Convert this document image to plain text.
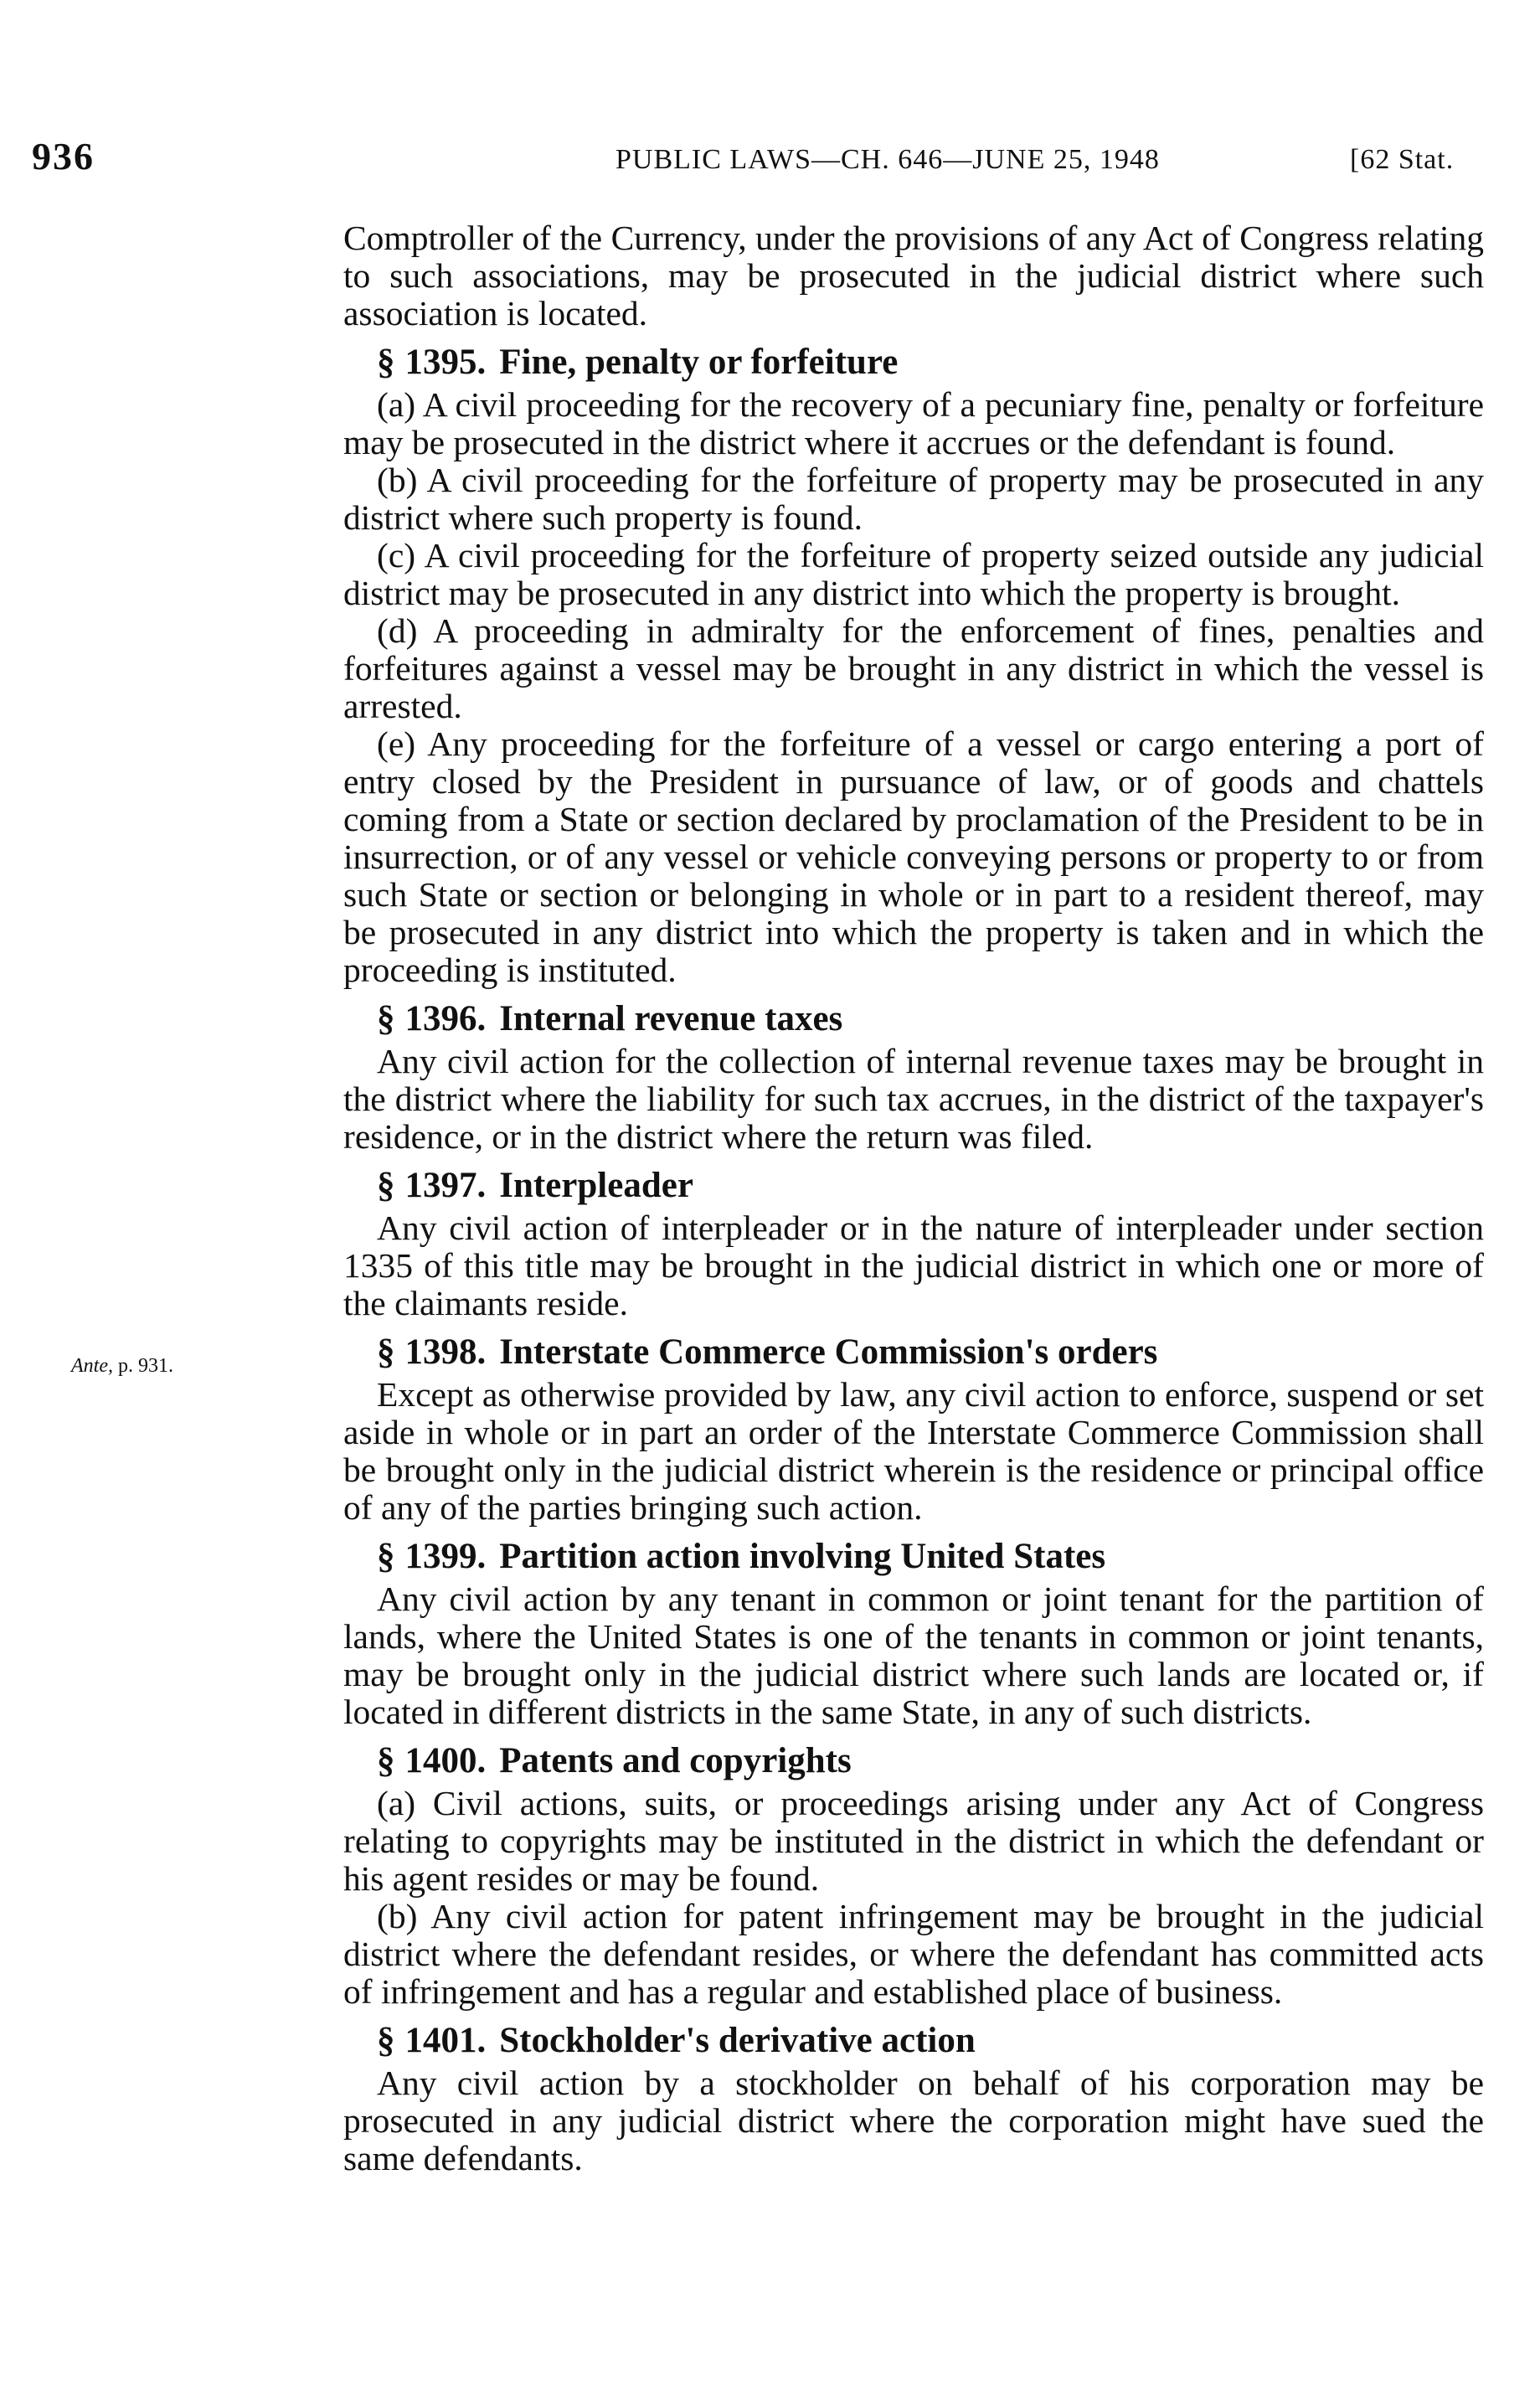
936	PUBLIC LAWS—CH. 646—JUNE 25, 1948	[62 Stat.
Ante, p. 931.

Comptroller of the Currency, under the provisions of any Act of Congress relating to such associations, may be prosecuted in the judicial district where such association is located.

§ 1395. Fine, penalty or forfeiture

(a) A civil proceeding for the recovery of a pecuniary fine, penalty or forfeiture may be prosecuted in the district where it accrues or the defendant is found.

(b) A civil proceeding for the forfeiture of property may be prosecuted in any district where such property is found.

(c) A civil proceeding for the forfeiture of property seized outside any judicial district may be prosecuted in any district into which the property is brought.

(d) A proceeding in admiralty for the enforcement of fines, penalties and forfeitures against a vessel may be brought in any district in which the vessel is arrested.

(e) Any proceeding for the forfeiture of a vessel or cargo entering a port of entry closed by the President in pursuance of law, or of goods and chattels coming from a State or section declared by proclamation of the President to be in insurrection, or of any vessel or vehicle conveying persons or property to or from such State or section or belonging in whole or in part to a resident thereof, may be prosecuted in any district into which the property is taken and in which the proceeding is instituted.

§ 1396. Internal revenue taxes

Any civil action for the collection of internal revenue taxes may be brought in the district where the liability for such tax accrues, in the district of the taxpayer's residence, or in the district where the return was filed.

§ 1397. Interpleader

Any civil action of interpleader or in the nature of interpleader under section 1335 of this title may be brought in the judicial district in which one or more of the claimants reside.

§ 1398. Interstate Commerce Commission's orders

Except as otherwise provided by law, any civil action to enforce, suspend or set aside in whole or in part an order of the Interstate Commerce Commission shall be brought only in the judicial district wherein is the residence or principal office of any of the parties bringing such action.

§ 1399. Partition action involving United States

Any civil action by any tenant in common or joint tenant for the partition of lands, where the United States is one of the tenants in common or joint tenants, may be brought only in the judicial district where such lands are located or, if located in different districts in the same State, in any of such districts.

§ 1400. Patents and copyrights

(a) Civil actions, suits, or proceedings arising under any Act of Congress relating to copyrights may be instituted in the district in which the defendant or his agent resides or may be found.

(b) Any civil action for patent infringement may be brought in the judicial district where the defendant resides, or where the defendant has committed acts of infringement and has a regular and established place of business.

§ 1401. Stockholder's derivative action

Any civil action by a stockholder on behalf of his corporation may be prosecuted in any judicial district where the corporation might have sued the same defendants.
